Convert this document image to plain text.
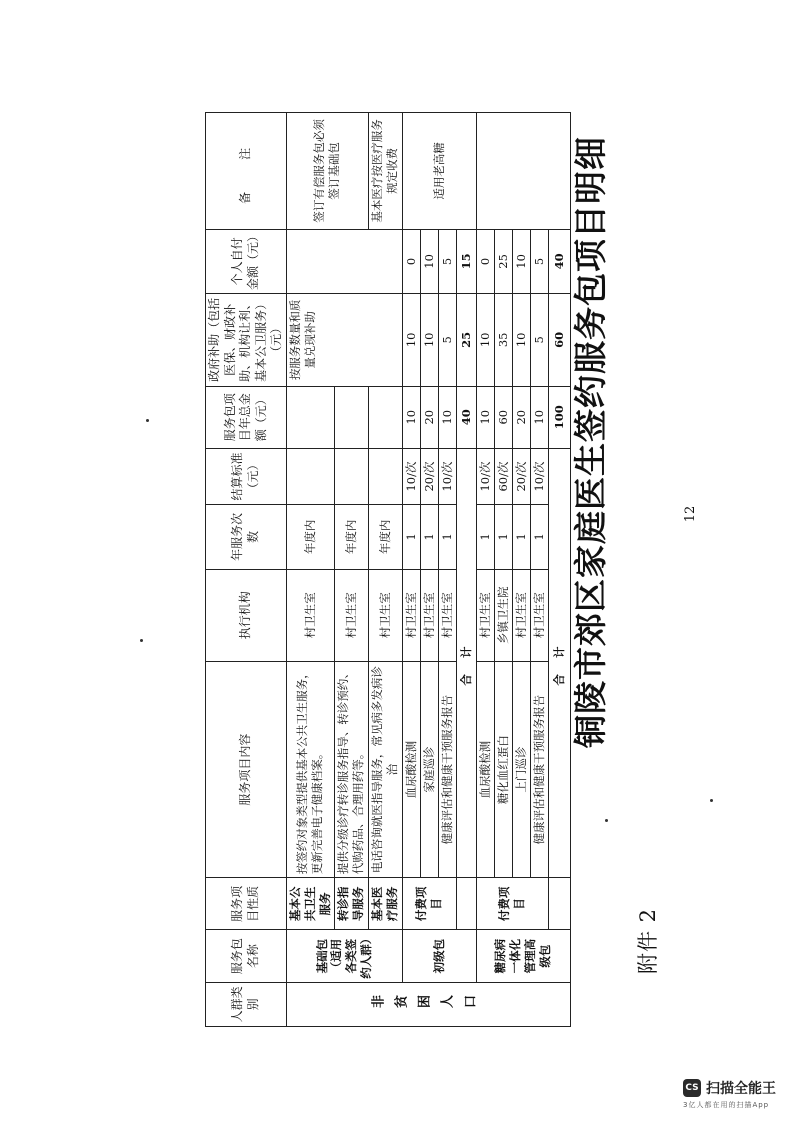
附件 2
铜陵市郊区家庭医生签约服务包项目明细
人群类别	服务包名称	服务项目性质	服务项目内容	执行机构	年服务次数	结算标准（元）	服务包项目年总金额（元）	政府补助（包括医保、财政补助、机构让利、基本公卫服务）（元）	个人自付金额（元）	备　注
非贫困人口	基础包（适用各类签约人群）	基本公共卫生服务	按签约对象类型提供基本公共卫生服务，更新完善电子健康档案。	村卫生室	年度内			按服务数量和质量兑现补助		签订有偿服务包必须签订基础包
		转诊指导服务	提供分级诊疗转诊服务指导、转诊预约、代购药品、合理用药等。	村卫生室	年度内					
		基本医疗服务	电话咨询就医指导服务，常见病多发病诊治	村卫生室	年度内					基本医疗按医疗服务规定收费
	初级包	付费项目	血尿酸检测	村卫生室	1	10/次	10	10	0	适用老高糖
			家庭巡诊	村卫生室	1	20/次	20	10	10	
			健康评估和健康干预服务报告	村卫生室	1	10/次	10	5	5	
			合 计				40	25	15	
	糖尿病一体化管理高级包	付费项目	血尿酸检测	村卫生室	1	10/次	10	10	0	
			糖化血红蛋白	乡镇卫生院	1	60/次	60	35	25	
			上门巡诊	村卫生室	1	20/次	20	10	10	
			健康评估和健康干预服务报告	村卫生室	1	10/次	10	5	5	
			合 计				100	60	40	
12
CS 扫描全能王
3亿人都在用的扫描App
